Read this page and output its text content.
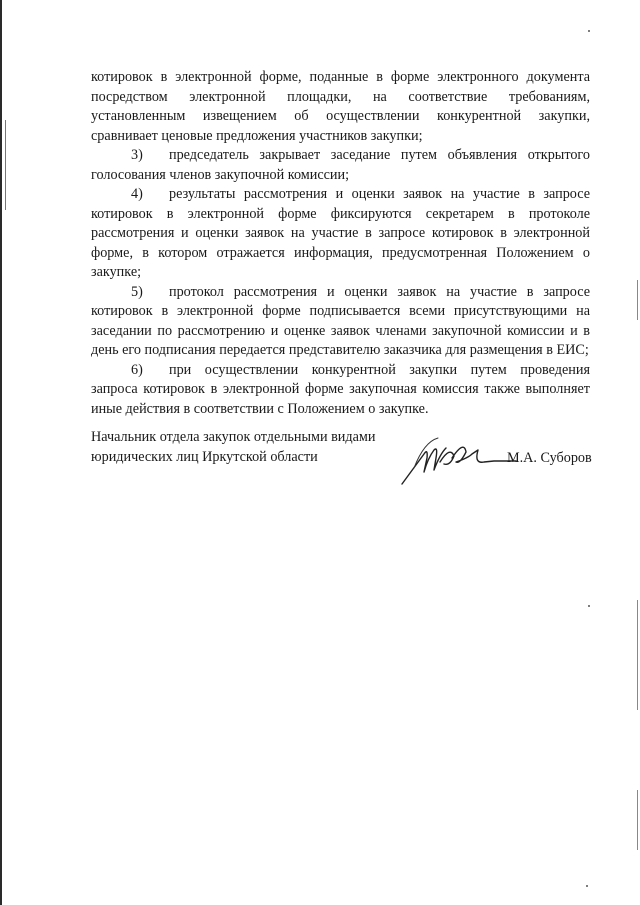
котировок в электронной форме, поданные в форме электронного документа посредством электронной площадки, на соответствие требованиям, установленным извещением об осуществлении конкурентной закупки, сравнивает ценовые предложения участников закупки;

3) председатель закрывает заседание путем объявления открытого голосования членов закупочной комиссии;

4) результаты рассмотрения и оценки заявок на участие в запросе котировок в электронной форме фиксируются секретарем в протоколе рассмотрения и оценки заявок на участие в запросе котировок в электронной форме, в котором отражается информация, предусмотренная Положением о закупке;

5) протокол рассмотрения и оценки заявок на участие в запросе котировок в электронной форме подписывается всеми присутствующими на заседании по рассмотрению и оценке заявок членами закупочной комиссии и в день его подписания передается представителю заказчика для размещения в ЕИС;

6) при осуществлении конкурентной закупки путем проведения запроса котировок в электронной форме закупочная комиссия также выполняет иные действия в соответствии с Положением о закупке.

Начальник отдела закупок отдельными видами юридических лиц Иркутской области	М.А. Суборов
